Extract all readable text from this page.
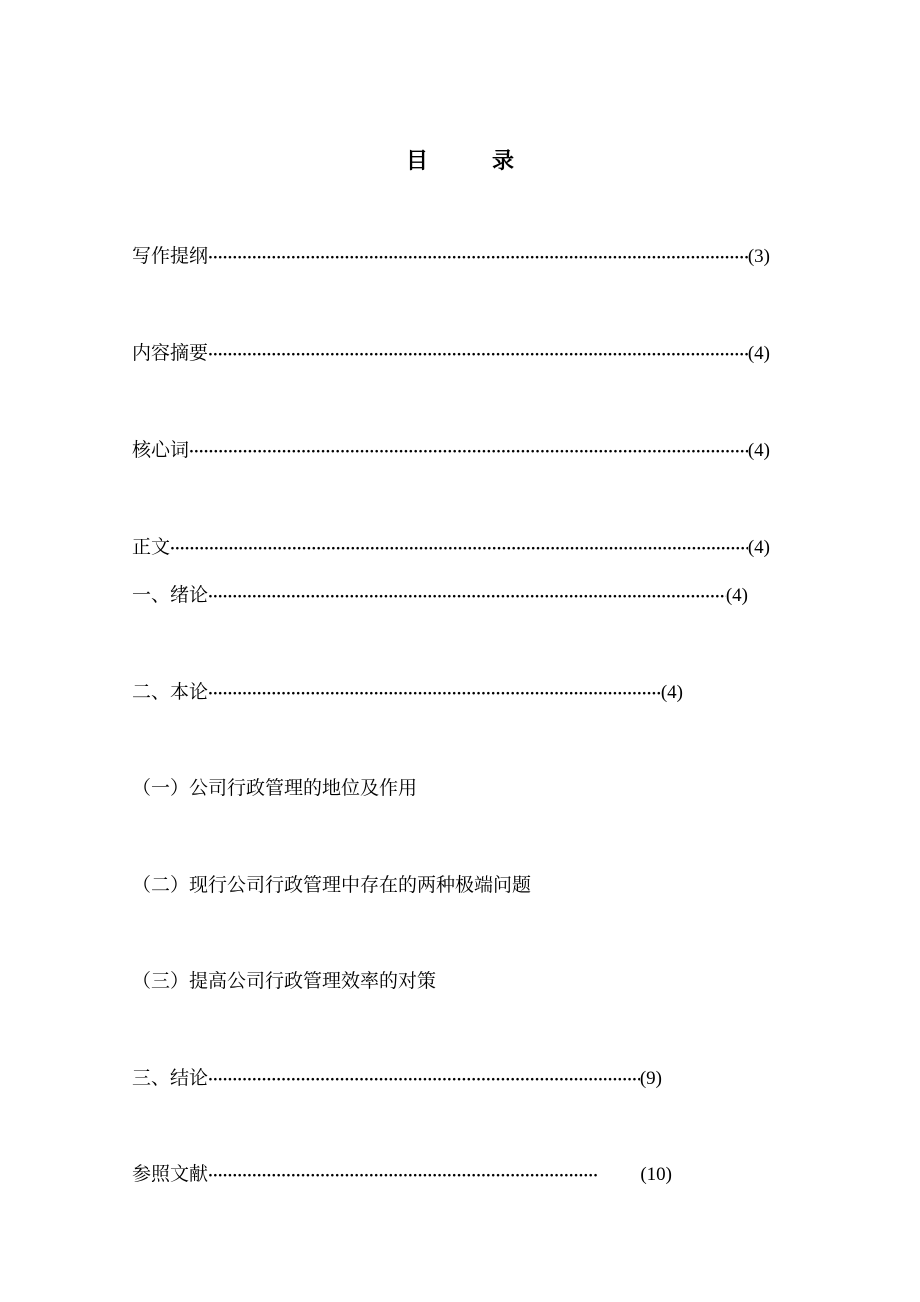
目	录
写作提纲 ·····	(3)
内容摘要 ·····	(4)
核心词 ·····	(4)
正文 ·····	(4)
一、绪论 ·····	(4)
二、本论 ·····	(4)
（一）公司行政管理的地位及作用
（二）现行公司行政管理中存在的两种极端问题
（三）提高公司行政管理效率的对策
三、结论 ·····	(9)
参照文献 ·····	(10)
